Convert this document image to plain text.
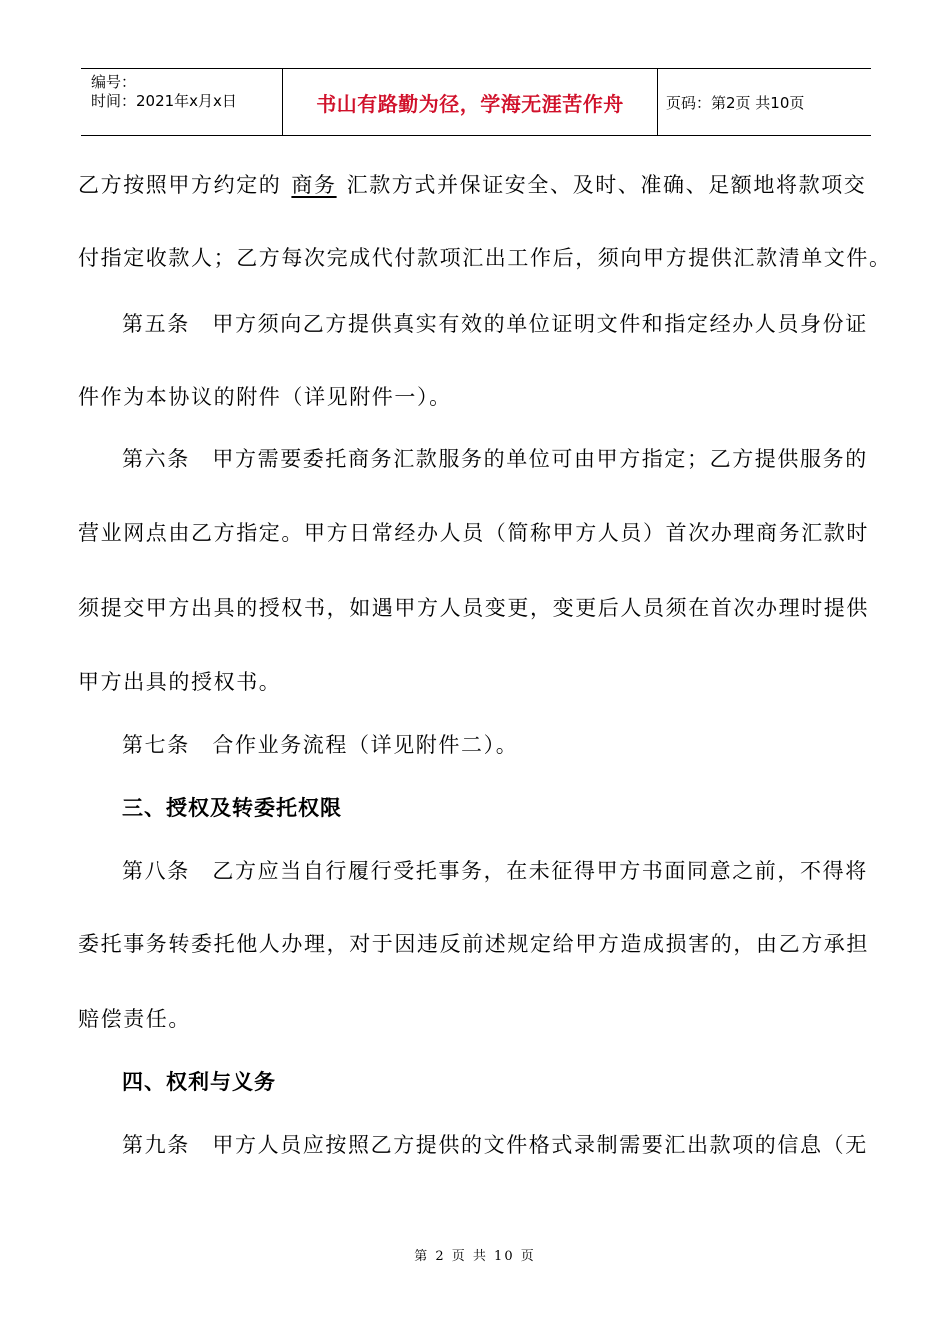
编号：
时间：2021年x月x日	书山有路勤为径，学海无涯苦作舟	页码：第2页 共10页

乙方按照甲方约定的 商务 汇款方式并保证安全、及时、准确、足额地将款项交

付指定收款人；乙方每次完成代付款项汇出工作后，须向甲方提供汇款清单文件。

第五条　甲方须向乙方提供真实有效的单位证明文件和指定经办人员身份证

件作为本协议的附件（详见附件一）。

第六条　甲方需要委托商务汇款服务的单位可由甲方指定；乙方提供服务的

营业网点由乙方指定。甲方日常经办人员（简称甲方人员）首次办理商务汇款时

须提交甲方出具的授权书，如遇甲方人员变更，变更后人员须在首次办理时提供

甲方出具的授权书。

第七条　合作业务流程（详见附件二）。

三、授权及转委托权限

第八条　乙方应当自行履行受托事务，在未征得甲方书面同意之前，不得将

委托事务转委托他人办理，对于因违反前述规定给甲方造成损害的，由乙方承担

赔偿责任。

四、权利与义务

第九条　甲方人员应按照乙方提供的文件格式录制需要汇出款项的信息（无

第 2 页 共 10 页
